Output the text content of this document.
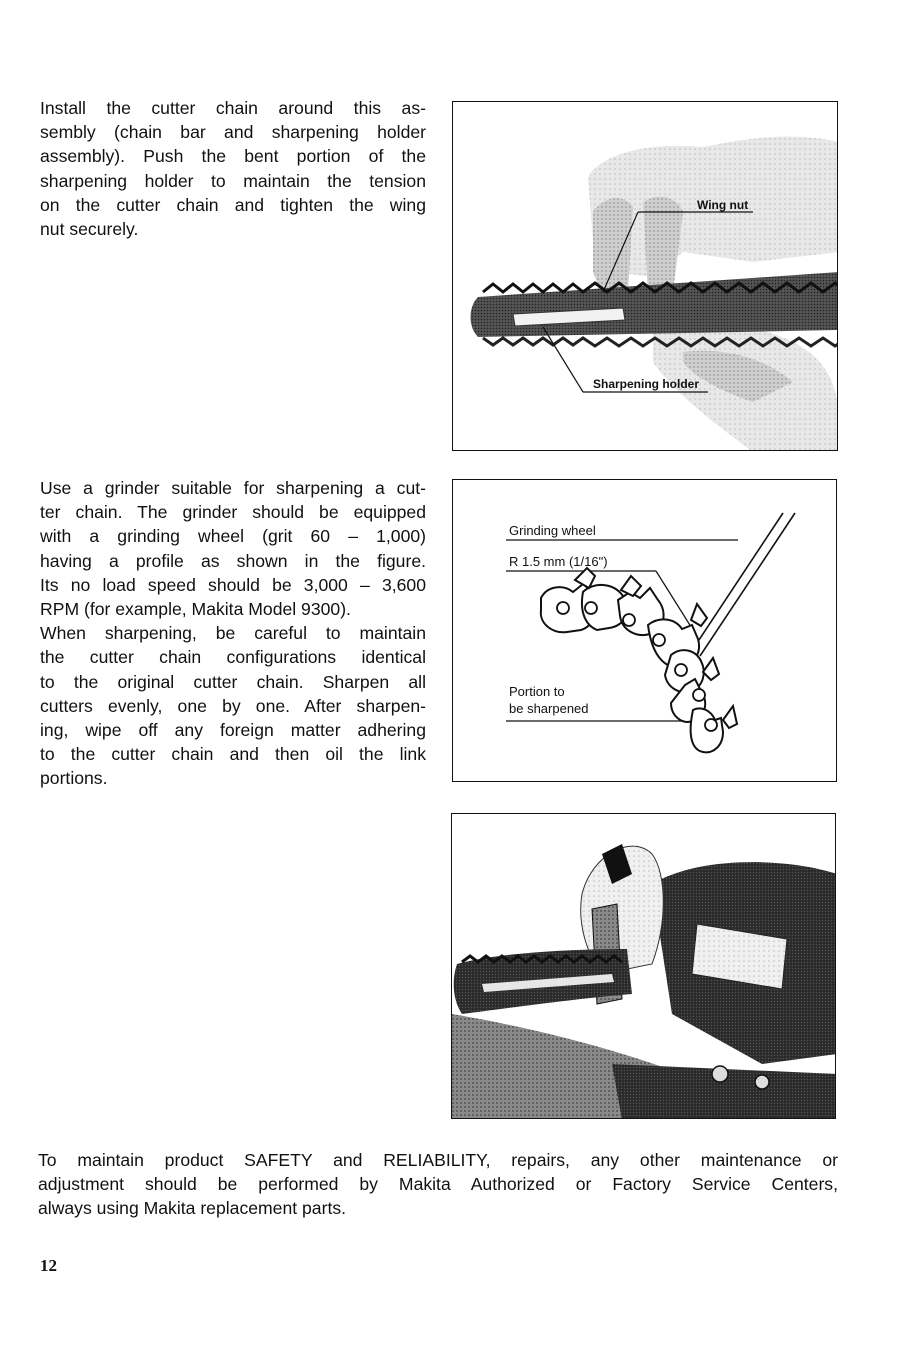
Install the cutter chain around this as-
sembly (chain bar and sharpening holder
assembly). Push the bent portion of the
sharpening holder to maintain the tension
on the cutter chain and tighten the wing
nut securely.
Wing nut
Sharpening holder
Use a grinder suitable for sharpening a cut-
ter chain. The grinder should be equipped
with a grinding wheel (grit 60 – 1,000)
having a profile as shown in the figure.
Its no load speed should be 3,000 – 3,600
RPM (for example, Makita Model 9300).
When sharpening, be careful to maintain
the cutter chain configurations identical
to the original cutter chain. Sharpen all
cutters evenly, one by one. After sharpen-
ing, wipe off any foreign matter adhering
to the cutter chain and then oil the link
portions.
Grinding wheel
R 1.5 mm (1/16")
Portion to
be sharpened
To maintain product SAFETY and RELIABILITY, repairs, any other maintenance or
adjustment should be performed by Makita Authorized or Factory Service Centers,
always using Makita replacement parts.
12
